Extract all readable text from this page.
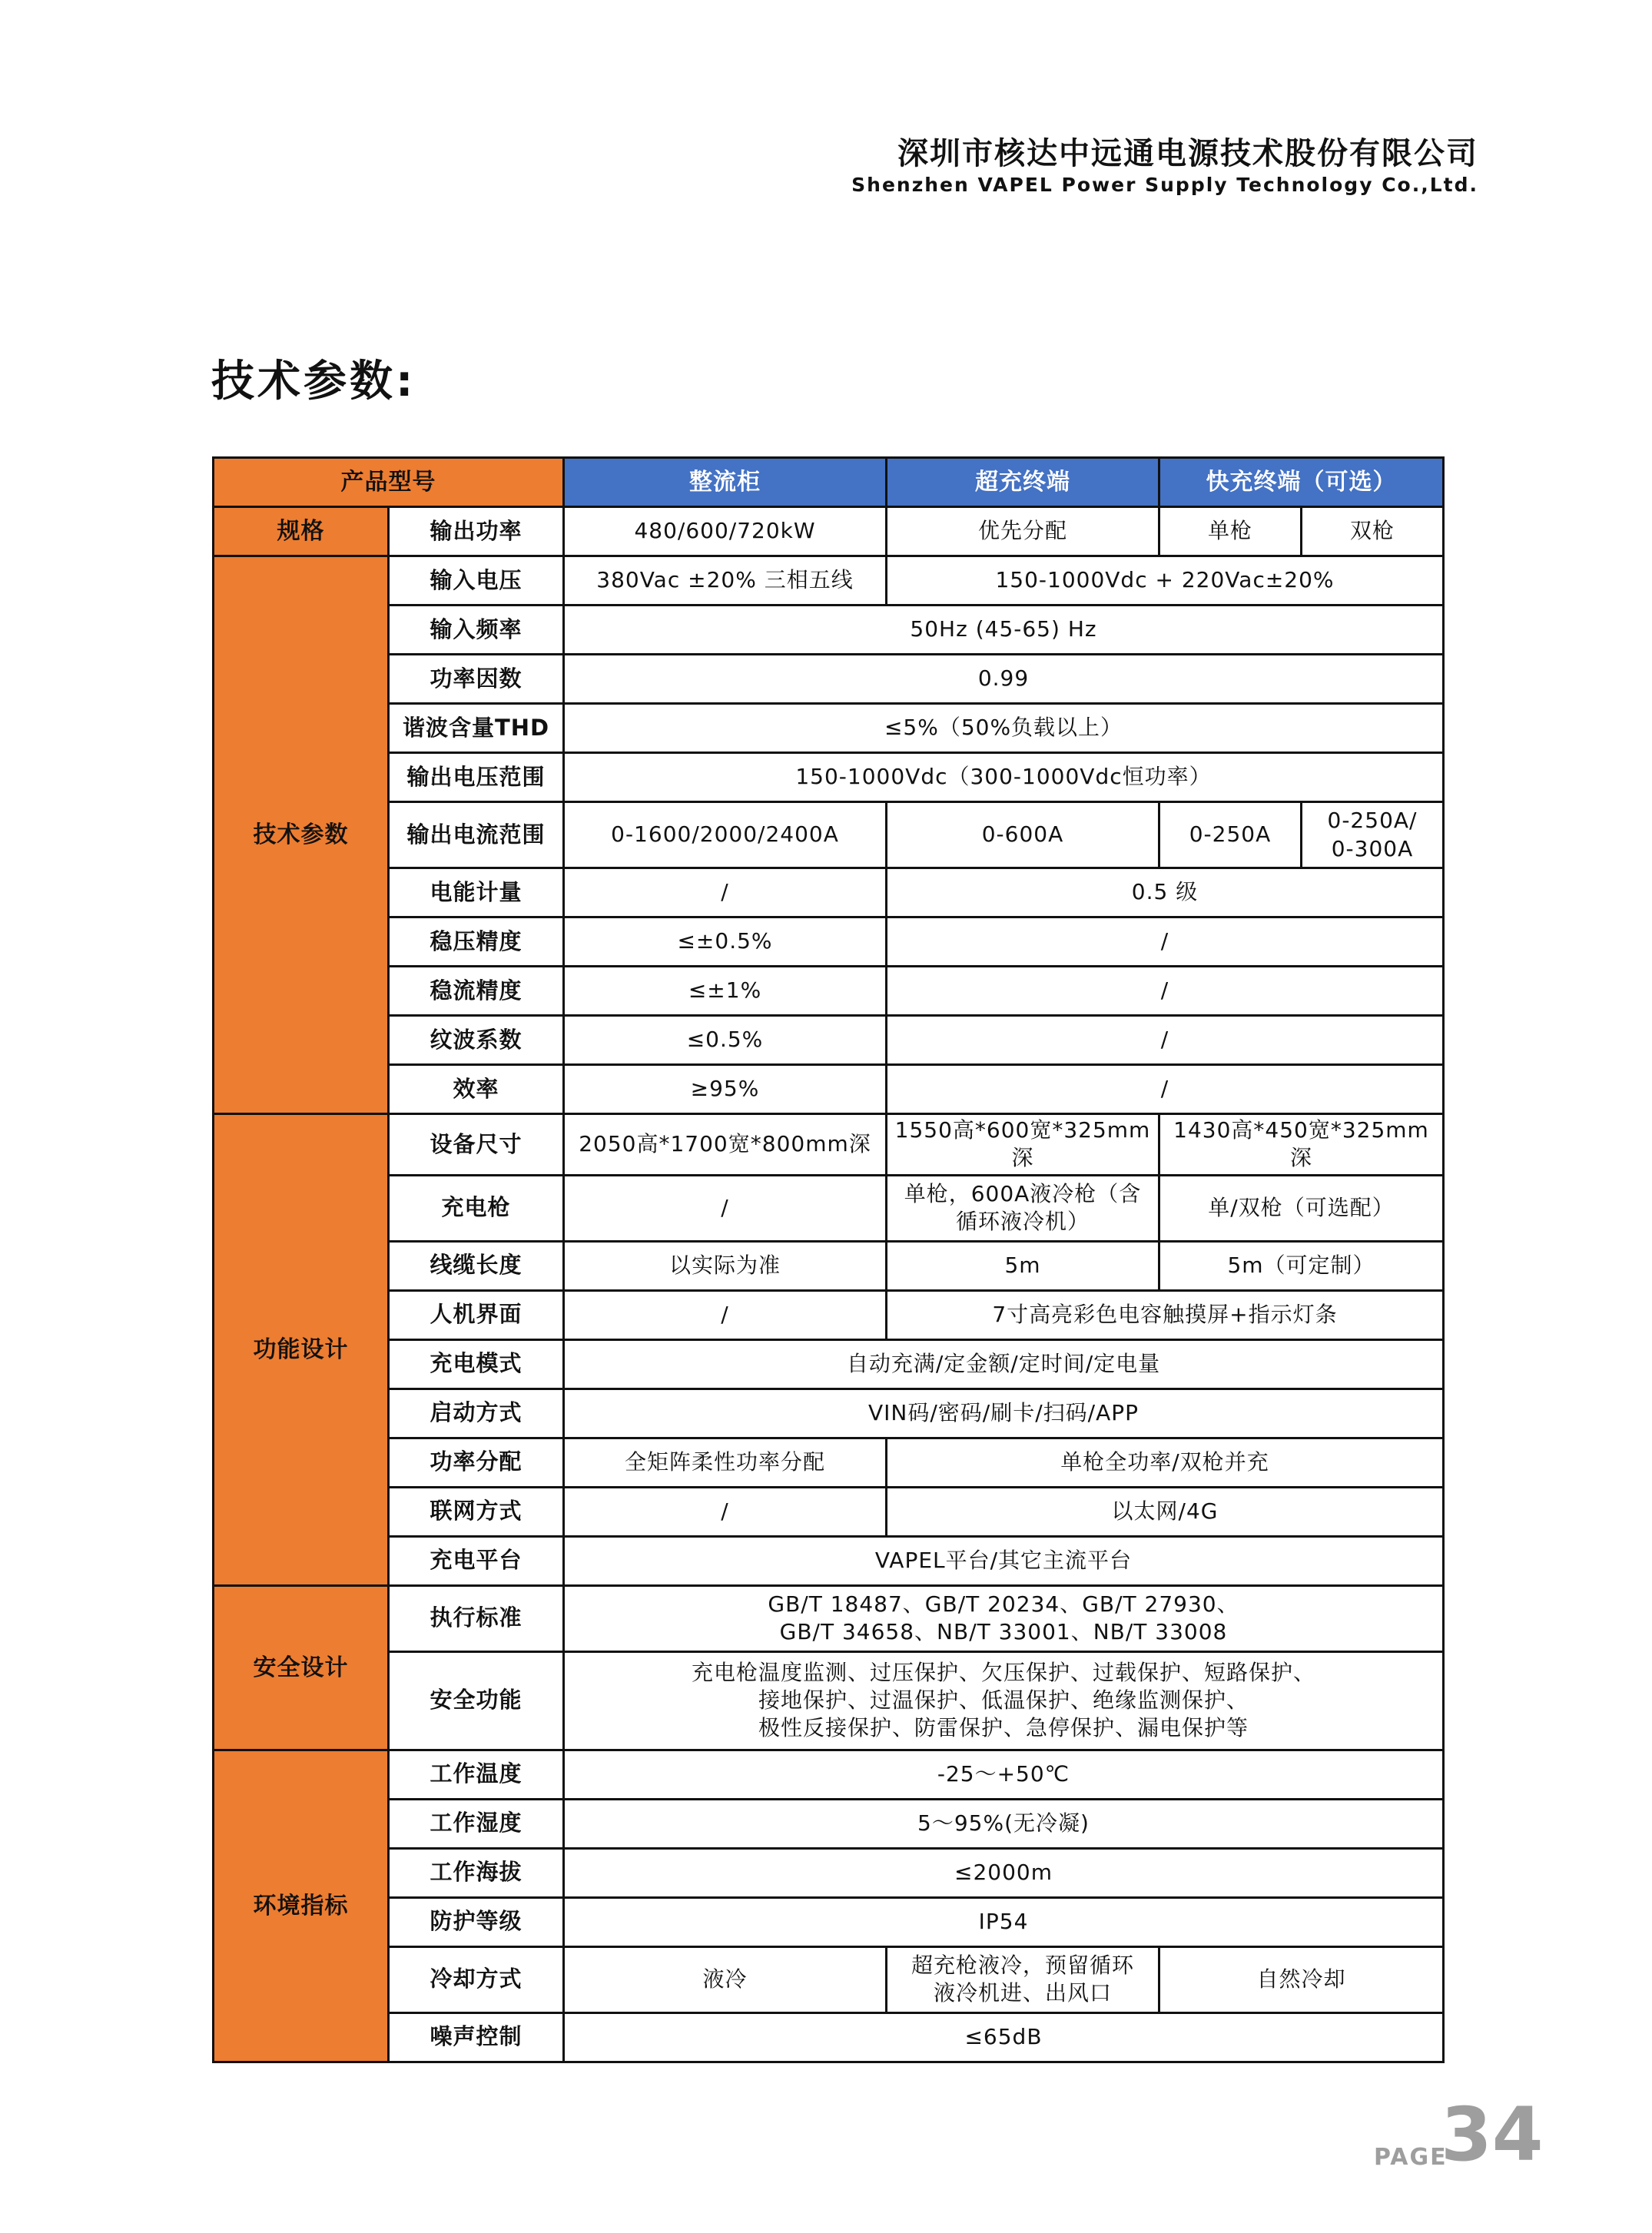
深圳市核达中远通电源技术股份有限公司
Shenzhen VAPEL Power Supply Technology Co.,Ltd.
技术参数:
产品型号		整流柜	超充终端	快充终端（可选）	
规格	输出功率	480/600/720kW	优先分配	单枪	双枪
技术参数	输入电压	380Vac ±20% 三相五线	150-1000Vdc + 220Vac±20%		
	输入频率	50Hz (45-65) Hz			
	功率因数	0.99			
	谐波含量THD	≤5%（50%负载以上）			
	输出电压范围	150-1000Vdc（300-1000Vdc恒功率）			
	输出电流范围	0-1600/2000/2400A	0-600A	0-250A	0-250A/
0-300A

	电能计量	/	0.5 级		
	稳压精度	≤±0.5%	/		
	稳流精度	≤±1%	/		
	纹波系数	≤0.5%	/		
	效率	≥95%	/		
功能设计	设备尺寸	2050高*1700宽*800mm深	1550高*600宽*325mm深	1430高*450宽*325mm深	
	充电枪	/	单枪，600A液冷枪（含
循环液冷机）	单/双枪（可选配）	
	线缆长度	以实际为准	5m	5m（可定制）	
	人机界面	/	7寸高亮彩色电容触摸屏+指示灯条		
	充电模式	自动充满/定金额/定时间/定电量			
	启动方式	VIN码/密码/刷卡/扫码/APP			
	功率分配	全矩阵柔性功率分配	单枪全功率/双枪并充		
	联网方式	/	以太网/4G		
	充电平台	VAPEL平台/其它主流平台			
安全设计	执行标准	GB/T 18487、GB/T 20234、GB/T 27930、
GB/T 34658、NB/T 33001、NB/T 33008			

	安全功能	充电枪温度监测、过压保护、欠压保护、过载保护、短路保护、
接地保护、过温保护、低温保护、绝缘监测保护、
极性反接保护、防雷保护、急停保护、漏电保护等			

环境指标	工作温度	-25～+50℃			
	工作湿度	5～95%(无冷凝)			
	工作海拔	≤2000m			
	防护等级	IP54			
	冷却方式	液冷	超充枪液冷，预留循环
液冷机进、出风口	自然冷却	
	噪声控制	≤65dB			
PAGE
34
